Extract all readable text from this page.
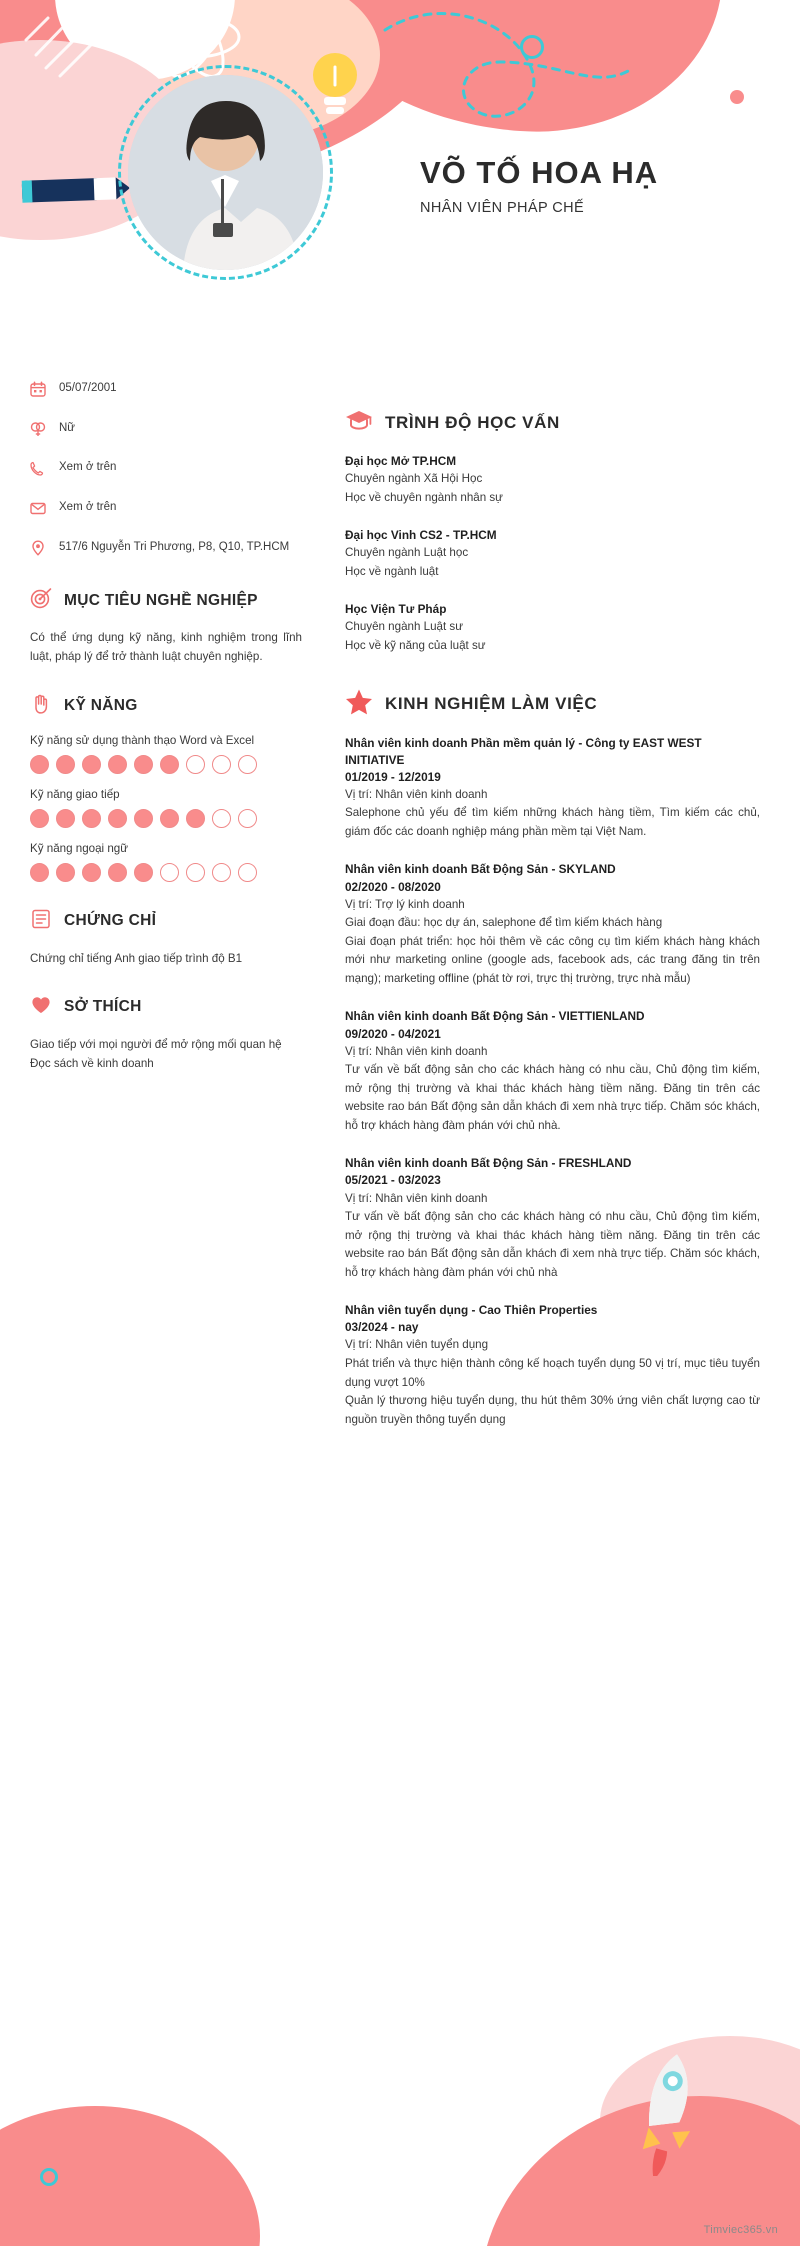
VÕ TỐ HOA HẠ
NHÂN VIÊN PHÁP CHẾ
05/07/2001
Nữ
Xem ở trên
Xem ở trên
517/6 Nguyễn Tri Phương, P8, Q10, TP.HCM
MỤC TIÊU NGHỀ NGHIỆP
Có thể ứng dụng kỹ năng, kinh nghiệm trong lĩnh luật, pháp lý để trở thành luật chuyên nghiệp.
KỸ NĂNG
Kỹ năng sử dụng thành thạo Word và Excel
Kỹ năng giao tiếp
Kỹ năng ngoại ngữ
CHỨNG CHỈ
Chứng chỉ tiếng Anh giao tiếp trình độ B1
SỞ THÍCH
Giao tiếp với mọi người để mở rộng mối quan hệ
Đọc sách về kinh doanh
TRÌNH ĐỘ HỌC VẤN
Đại học Mở TP.HCM
Chuyên ngành Xã Hội Học
Học về chuyên ngành nhân sự
Đại học Vinh CS2 - TP.HCM
Chuyên ngành Luật học
Học về ngành luật
Học Viện Tư Pháp
Chuyên ngành Luật sư
Học về kỹ năng của luật sư
KINH NGHIỆM LÀM VIỆC
Nhân viên kinh doanh Phần mềm quản lý - Công ty EAST WEST INITIATIVE
01/2019 - 12/2019
Vị trí: Nhân viên kinh doanh
Salephone chủ yếu để tìm kiếm những khách hàng tiềm, Tìm kiếm các chủ, giám đốc các doanh nghiệp máng phần mềm tại Việt Nam.
Nhân viên kinh doanh Bất Động Sản - SKYLAND
02/2020 - 08/2020
Vị trí: Trợ lý kinh doanh
Giai đoạn đầu: học dự án, salephone để tìm kiếm khách hàng
Giai đoạn phát triển: học hỏi thêm về các công cụ tìm kiếm khách hàng khách mới như marketing online (google ads, facebook ads, các trang đăng tin trên mạng); marketing offline (phát tờ rơi, trực thị trường, trực nhà mẫu)
Nhân viên kinh doanh Bất Động Sản - VIETTIENLAND
09/2020 - 04/2021
Vị trí: Nhân viên kinh doanh
Tư vấn về bất động sản cho các khách hàng có nhu cầu, Chủ động tìm kiếm, mở rộng thị trường và khai thác khách hàng tiềm năng. Đăng tin trên các website rao bán Bất động sản dẫn khách đi xem nhà trực tiếp. Chăm sóc khách, hỗ trợ khách hàng đàm phán với chủ nhà.
Nhân viên kinh doanh Bất Động Sản - FRESHLAND
05/2021 - 03/2023
Vị trí: Nhân viên kinh doanh
Tư vấn về bất động sản cho các khách hàng có nhu cầu, Chủ động tìm kiếm, mở rộng thị trường và khai thác khách hàng tiềm năng. Đăng tin trên các website rao bán Bất động sản dẫn khách đi xem nhà trực tiếp. Chăm sóc khách, hỗ trợ khách hàng đàm phán với chủ nhà
Nhân viên tuyển dụng - Cao Thiên Properties
03/2024 - nay
Vị trí: Nhân viên tuyển dụng
Phát triển và thực hiện thành công kế hoạch tuyển dụng 50 vị trí, mục tiêu tuyển dụng vượt 10%
Quản lý thương hiệu tuyển dụng, thu hút thêm 30% ứng viên chất lượng cao từ nguồn truyền thông tuyển dụng
Timviec365.vn
